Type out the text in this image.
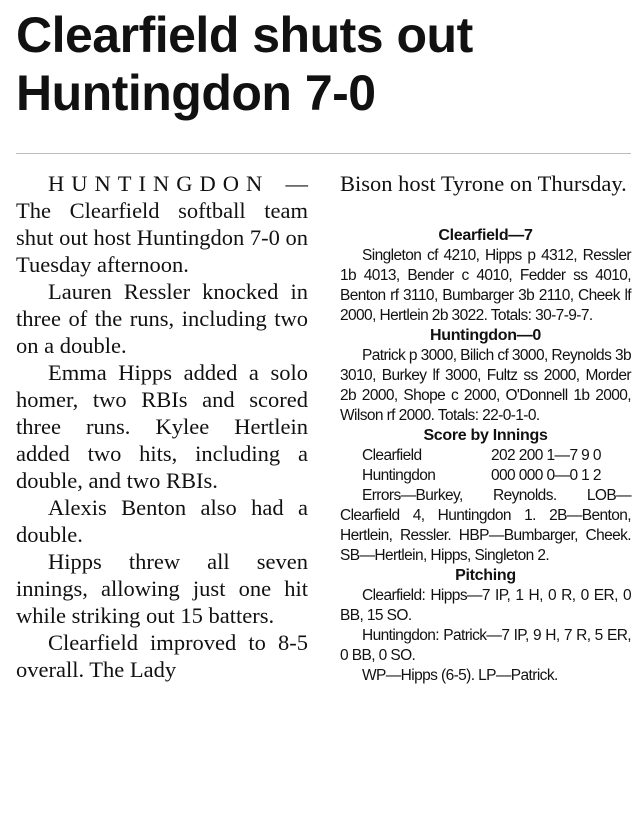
Clearfield shuts out Huntingdon 7-0

HUNTINGDON — The Clearfield softball team shut out host Huntingdon 7-0 on Tuesday afternoon.

Lauren Ressler knocked in three of the runs, including two on a double.

Emma Hipps added a solo homer, two RBIs and scored three runs. Kylee Hertlein added two hits, including a double, and two RBIs.

Alexis Benton also had a double.

Hipps threw all seven innings, allowing just one hit while striking out 15 batters.

Clearfield improved to 8-5 overall. The Lady

Bison host Tyrone on Thursday.

Clearfield—7

Singleton cf 4210, Hipps p 4312, Ressler 1b 4013, Bender c 4010, Fedder ss 4010, Benton rf 3110, Bumbarger 3b 2110, Cheek lf 2000, Hertlein 2b 3022. Totals: 30-7-9-7.

Huntingdon—0

Patrick p 3000, Bilich cf 3000, Reynolds 3b 3010, Burkey lf 3000, Fultz ss 2000, Morder 2b 2000, Shope c 2000, O'Donnell 1b 2000, Wilson rf 2000. Totals: 22-0-1-0.

Score by Innings

Clearfield	202 200 1—7 9 0
Huntingdon	000 000 0—0 1 2

Errors—Burkey, Reynolds. LOB—Clearfield 4, Huntingdon 1. 2B—Benton, Hertlein, Ressler. HBP—Bumbarger, Cheek. SB—Hertlein, Hipps, Singleton 2.

Pitching

Clearfield: Hipps—7 IP, 1 H, 0 R, 0 ER, 0 BB, 15 SO.

Huntingdon: Patrick—7 IP, 9 H, 7 R, 5 ER, 0 BB, 0 SO.

WP—Hipps (6-5). LP—Patrick.
